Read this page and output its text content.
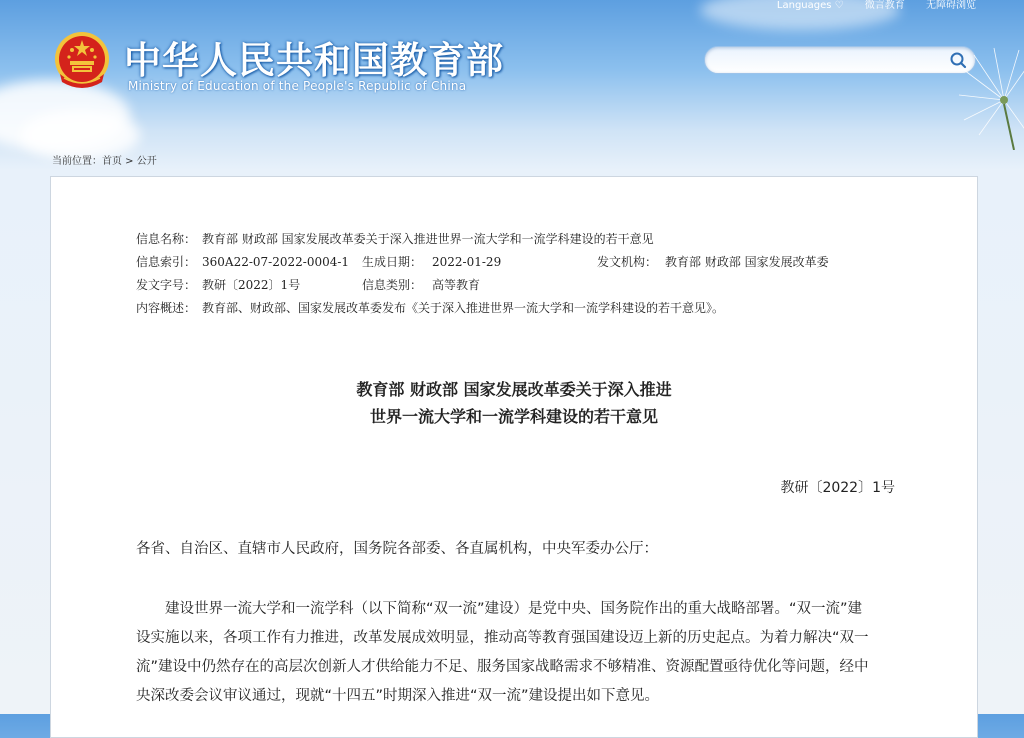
Languages ♡ 微言教育 无障碍浏览
中华人民共和国教育部
Ministry of Education of the People's Republic of China
当前位置：首页 > 公开
信息名称： 教育部 财政部 国家发展改革委关于深入推进世界一流大学和一流学科建设的若干意见
信息索引： 360A22-07-2022-0004-1 生成日期： 2022-01-29	发文机构： 教育部 财政部 国家发展改革委
发文字号： 教研〔2022〕1号	信息类别： 高等教育
内容概述： 教育部、财政部、国家发展改革委发布《关于深入推进世界一流大学和一流学科建设的若干意见》。
教育部 财政部 国家发展改革委关于深入推进
世界一流大学和一流学科建设的若干意见
教研〔2022〕1号
各省、自治区、直辖市人民政府，国务院各部委、各直属机构，中央军委办公厅：
　　建设世界一流大学和一流学科（以下简称“双一流”建设）是党中央、国务院作出的重大战略部署。“双一流”建
设实施以来，各项工作有力推进，改革发展成效明显，推动高等教育强国建设迈上新的历史起点。为着力解决“双一
流”建设中仍然存在的高层次创新人才供给能力不足、服务国家战略需求不够精准、资源配置亟待优化等问题，经中
央深改委会议审议通过，现就“十四五”时期深入推进“双一流”建设提出如下意见。
